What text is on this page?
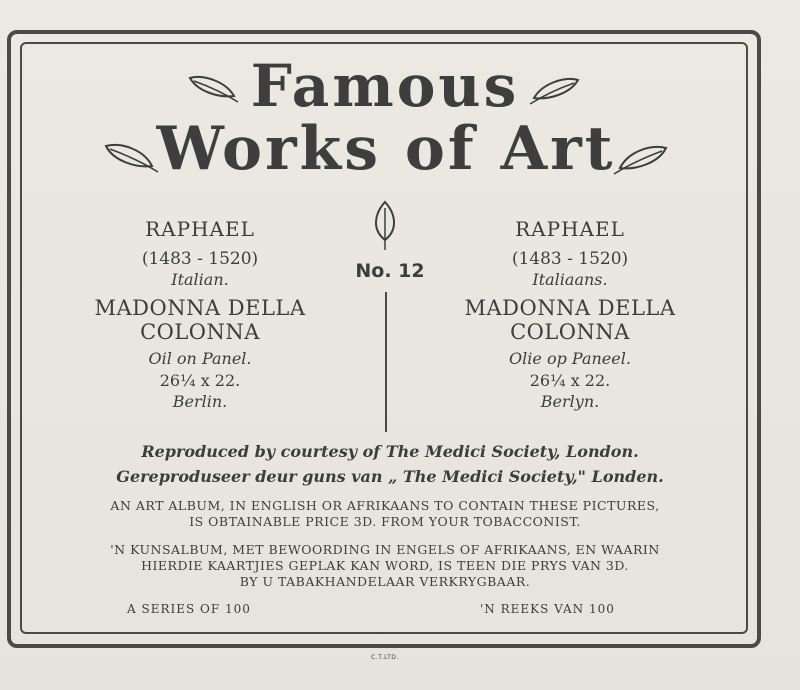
Famous
Works of Art
No. 12
RAPHAEL
(1483 - 1520)
Italian.
MADONNA DELLA
COLONNA
Oil on Panel.
26¼ x 22.
Berlin.
RAPHAEL
(1483 - 1520)
Italiaans.
MADONNA DELLA
COLONNA
Olie op Paneel.
26¼ x 22.
Berlyn.
Reproduced by courtesy of The Medici Society, London.
Gereproduseer deur guns van „ The Medici Society," Londen.
AN ART ALBUM, IN ENGLISH OR AFRIKAANS TO CONTAIN THESE PICTURES,
IS OBTAINABLE PRICE 3D. FROM YOUR TOBACCONIST.
'N KUNSALBUM, MET BEWOORDING IN ENGELS OF AFRIKAANS, EN WAARIN
HIERDIE KAARTJIES GEPLAK KAN WORD, IS TEEN DIE PRYS VAN 3D.
BY U TABAKHANDELAAR VERKRYGBAAR.
A SERIES OF 100	'N REEKS VAN 100
C.T.LTD.
